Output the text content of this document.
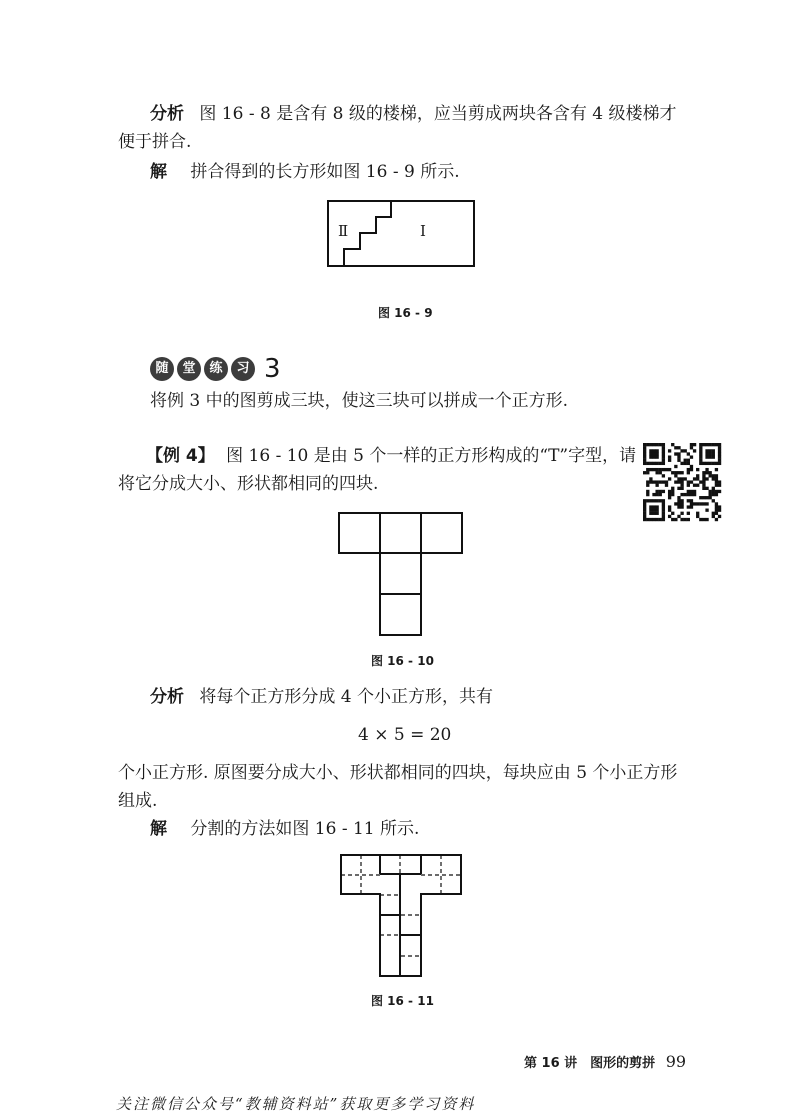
分析 图 16 - 8 是含有 8 级的楼梯，应当剪成两块各含有 4 级楼梯才
便于拼合.
解 拼合得到的长方形如图 16 - 9 所示.
Ⅱ	Ⅰ
图 16 - 9
随	堂	练	习 3
将例 3 中的图剪成三块，使这三块可以拼成一个正方形.
【例 4】 图 16 - 10 是由 5 个一样的正方形构成的“T”字型，请
将它分成大小、形状都相同的四块.
图 16 - 10
分析 将每个正方形分成 4 个小正方形，共有
4 × 5 = 20
个小正方形. 原图要分成大小、形状都相同的四块，每块应由 5 个小正方形
组成.
解 分割的方法如图 16 - 11 所示.
图 16 - 11
第 16 讲　图形的剪拼 99
关注微信公众号“教辅资料站”获取更多学习资料
